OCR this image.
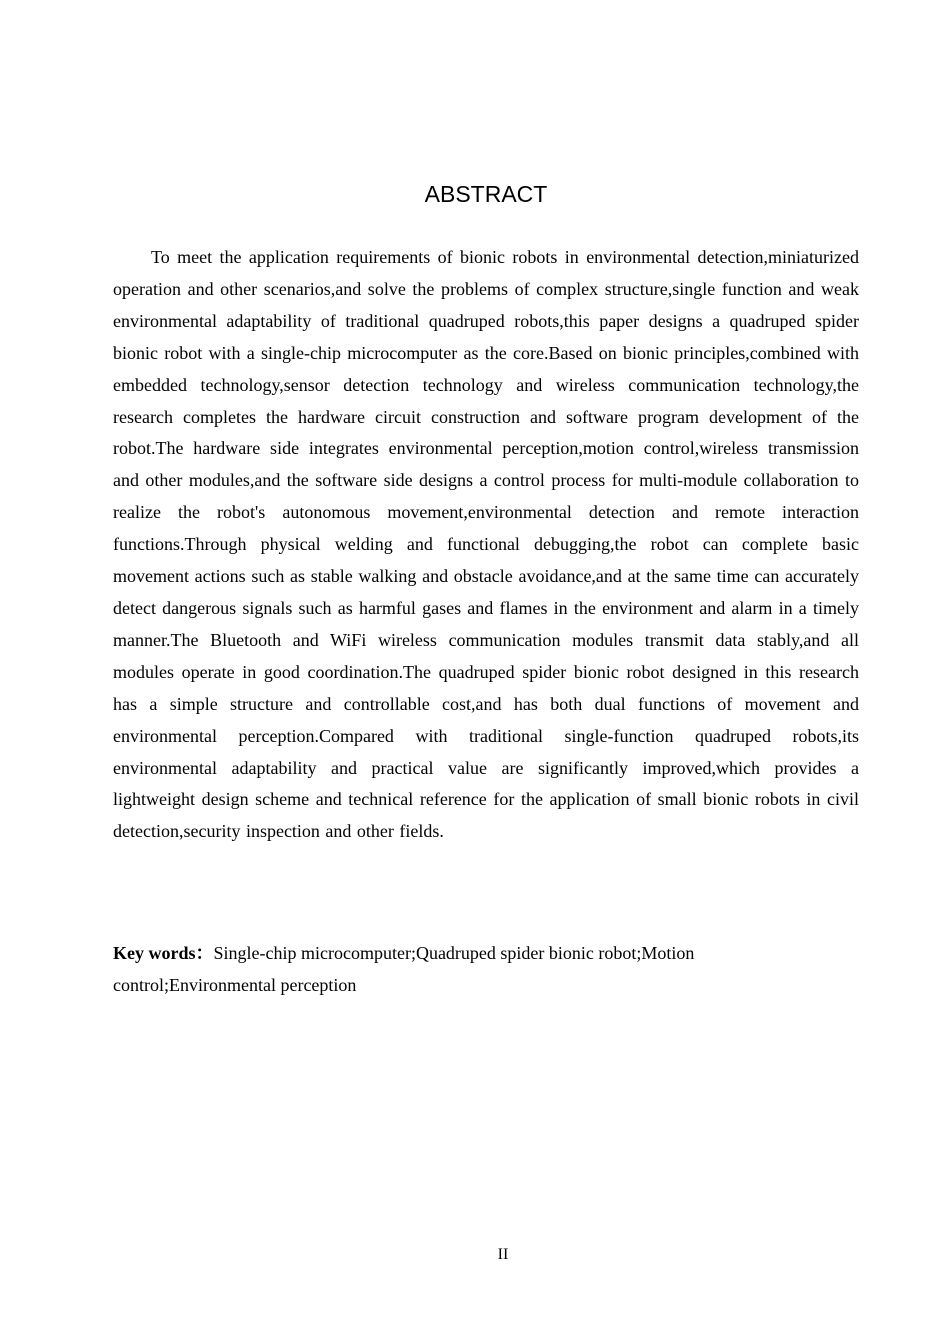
ABSTRACT

To meet the application requirements of bionic robots in environmental detection,miniaturized operation and other scenarios,and solve the problems of complex structure,single function and weak environmental adaptability of traditional quadruped robots,this paper designs a quadruped spider bionic robot with a single-chip microcomputer as the core.Based on bionic principles,combined with embedded technology,sensor detection technology and wireless communication technology,the research completes the hardware circuit construction and software program development of the robot.The hardware side integrates environmental perception,motion control,wireless transmission and other modules,and the software side designs a control process for multi-module collaboration to realize the robot's autonomous movement,environmental detection and remote interaction functions.Through physical welding and functional debugging,the robot can complete basic movement actions such as stable walking and obstacle avoidance,and at the same time can accurately detect dangerous signals such as harmful gases and flames in the environment and alarm in a timely manner.The Bluetooth and WiFi wireless communication modules transmit data stably,and all modules operate in good coordination.The quadruped spider bionic robot designed in this research has a simple structure and controllable cost,and has both dual functions of movement and environmental perception.Compared with traditional single-function quadruped robots,its environmental adaptability and practical value are significantly improved,which provides a lightweight design scheme and technical reference for the application of small bionic robots in civil detection,security inspection and other fields.

Key words：Single-chip microcomputer;Quadruped spider bionic robot;Motion control;Environmental perception

II
